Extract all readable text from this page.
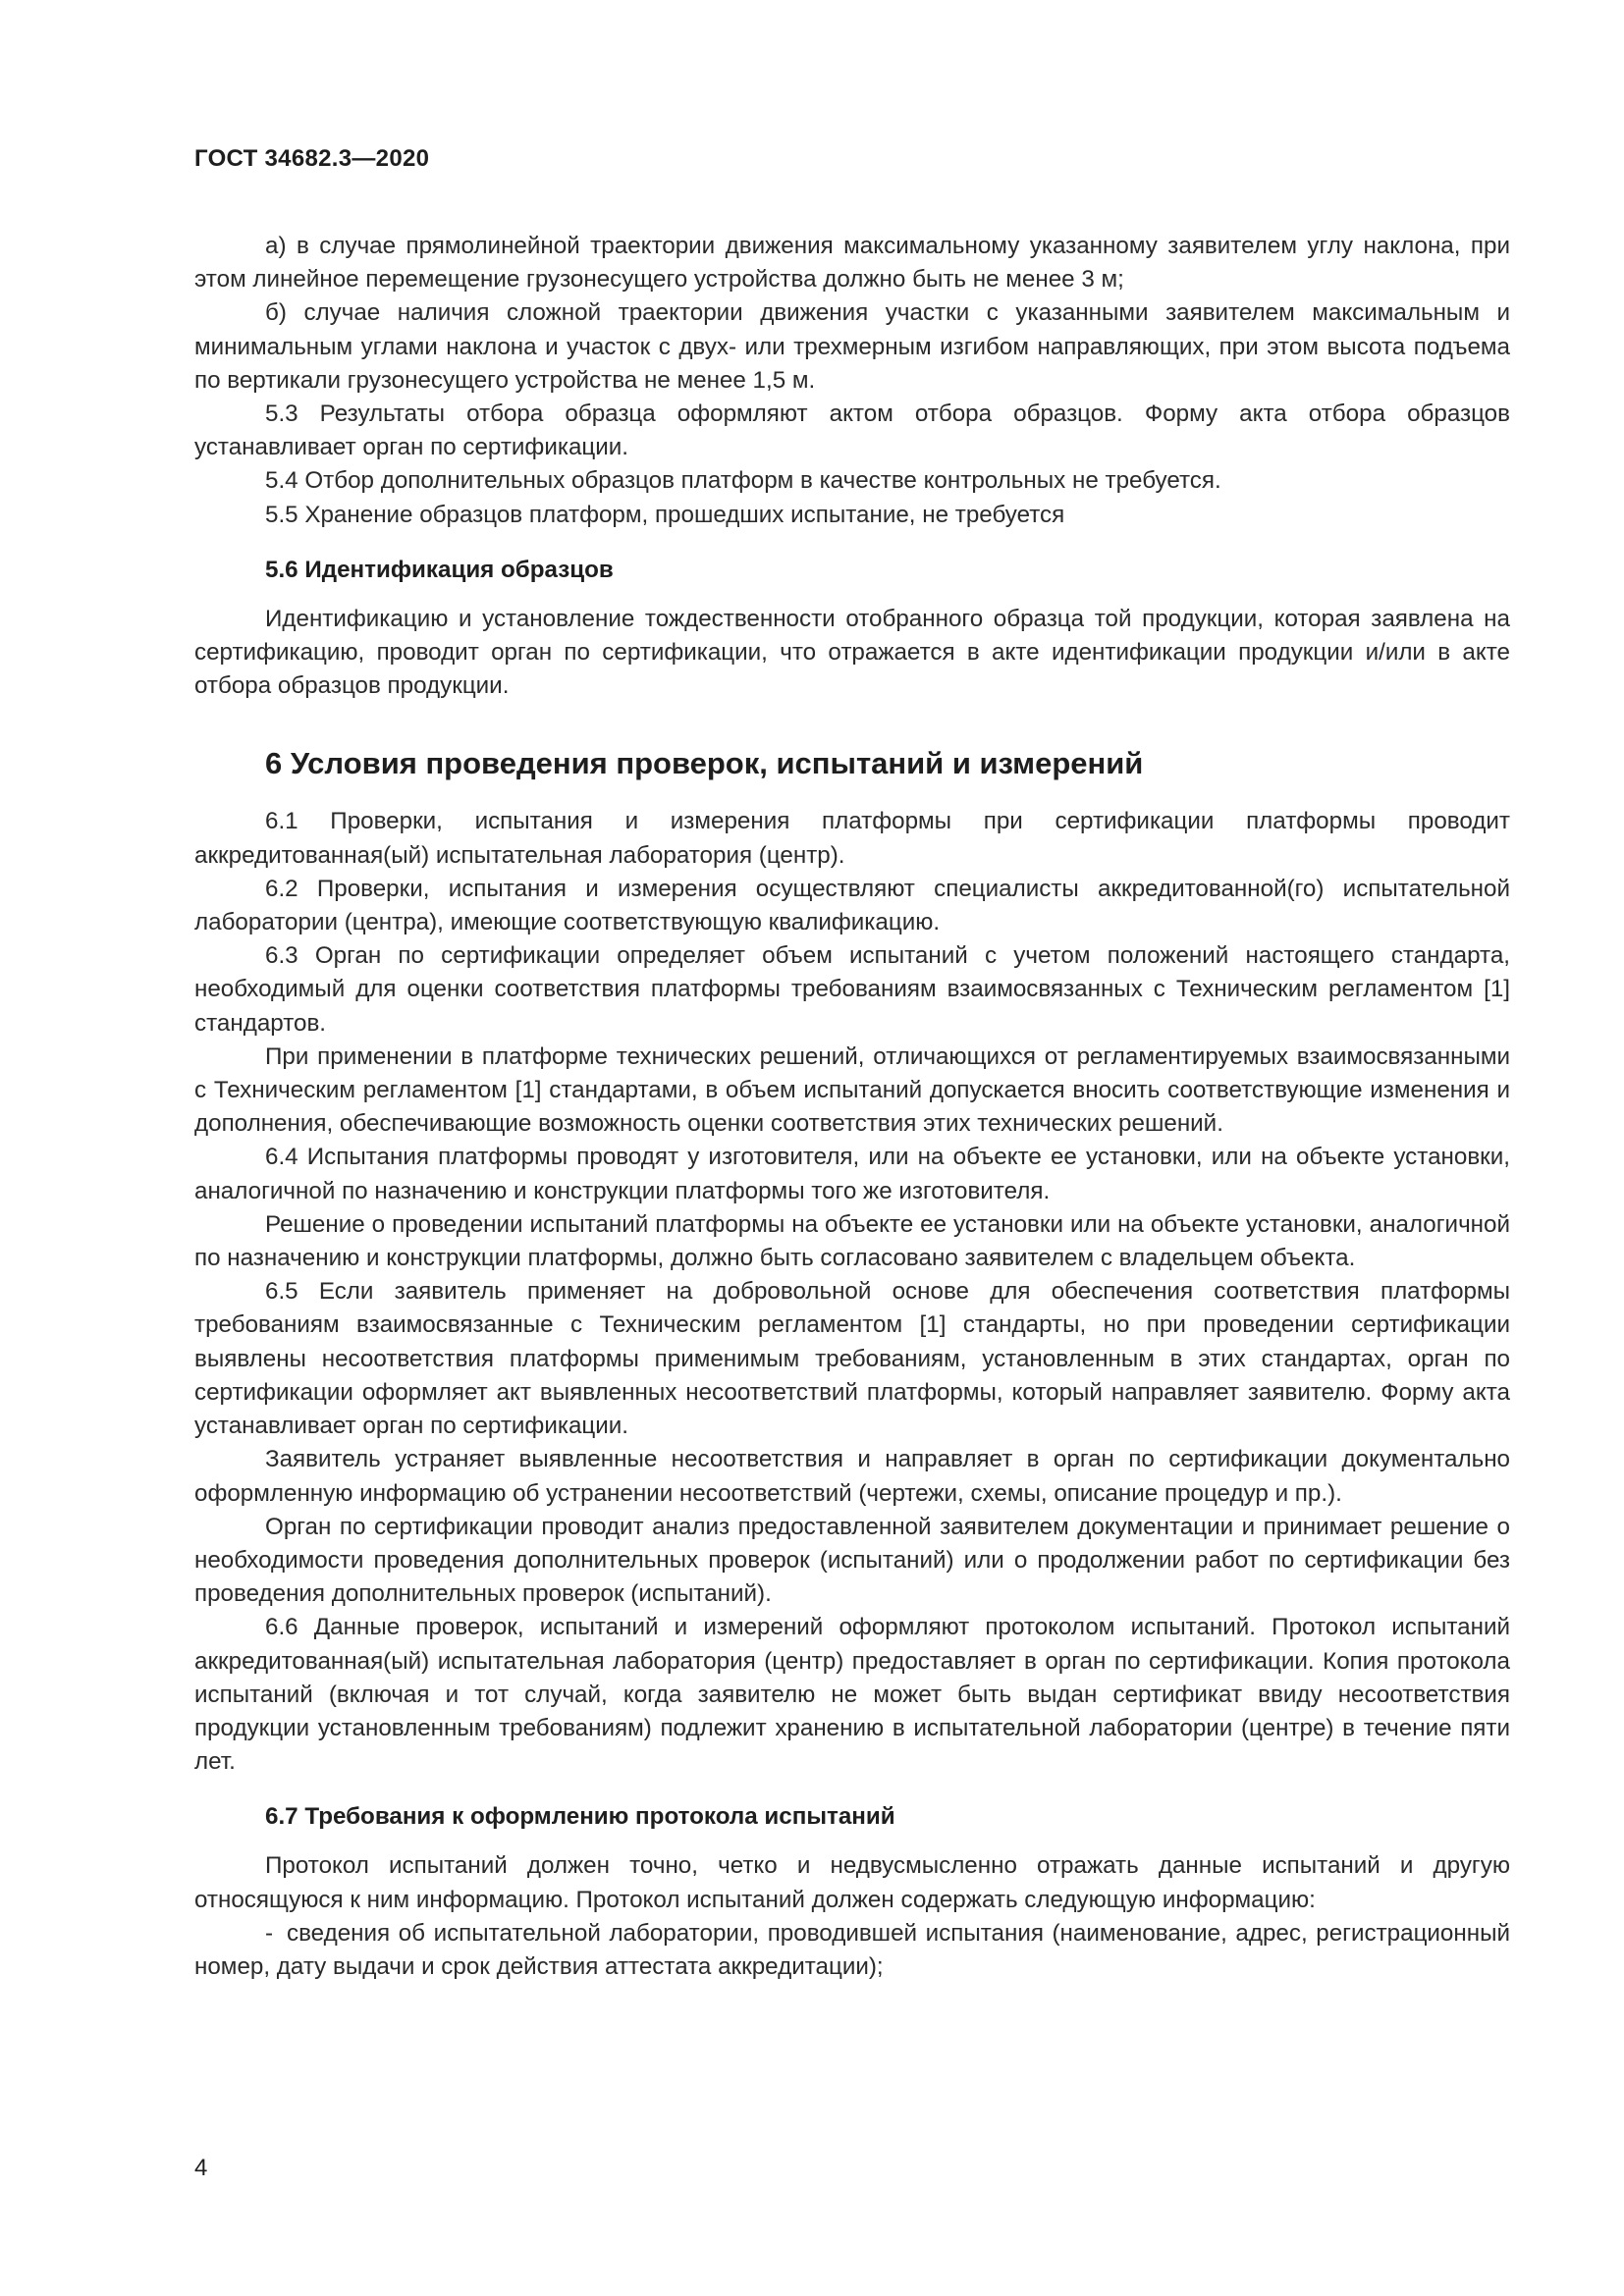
ГОСТ 34682.3—2020

а) в случае прямолинейной траектории движения максимальному указанному заявителем углу наклона, при этом линейное перемещение грузонесущего устройства должно быть не менее 3 м;

б) случае наличия сложной траектории движения участки с указанными заявителем максимальным и минимальным углами наклона и участок с двух- или трехмерным изгибом направляющих, при этом высота подъема по вертикали грузонесущего устройства не менее 1,5 м.

5.3 Результаты отбора образца оформляют актом отбора образцов. Форму акта отбора образцов устанавливает орган по сертификации.

5.4 Отбор дополнительных образцов платформ в качестве контрольных не требуется.

5.5 Хранение образцов платформ, прошедших испытание, не требуется

5.6 Идентификация образцов

Идентификацию и установление тождественности отобранного образца той продукции, которая заявлена на сертификацию, проводит орган по сертификации, что отражается в акте идентификации продукции и/или в акте отбора образцов продукции.

6 Условия проведения проверок, испытаний и измерений

6.1 Проверки, испытания и измерения платформы при сертификации платформы проводит аккредитованная(ый) испытательная лаборатория (центр).

6.2 Проверки, испытания и измерения осуществляют специалисты аккредитованной(го) испытательной лаборатории (центра), имеющие соответствующую квалификацию.

6.3 Орган по сертификации определяет объем испытаний с учетом положений настоящего стандарта, необходимый для оценки соответствия платформы требованиям взаимосвязанных с Техническим регламентом [1] стандартов.

При применении в платформе технических решений, отличающихся от регламентируемых взаимосвязанными с Техническим регламентом [1] стандартами, в объем испытаний допускается вносить соответствующие изменения и дополнения, обеспечивающие возможность оценки соответствия этих технических решений.

6.4 Испытания платформы проводят у изготовителя, или на объекте ее установки, или на объекте установки, аналогичной по назначению и конструкции платформы того же изготовителя.

Решение о проведении испытаний платформы на объекте ее установки или на объекте установки, аналогичной по назначению и конструкции платформы, должно быть согласовано заявителем с владельцем объекта.

6.5 Если заявитель применяет на добровольной основе для обеспечения соответствия платформы требованиям взаимосвязанные с Техническим регламентом [1] стандарты, но при проведении сертификации выявлены несоответствия платформы применимым требованиям, установленным в этих стандартах, орган по сертификации оформляет акт выявленных несоответствий платформы, который направляет заявителю. Форму акта устанавливает орган по сертификации.

Заявитель устраняет выявленные несоответствия и направляет в орган по сертификации документально оформленную информацию об устранении несоответствий (чертежи, схемы, описание процедур и пр.).

Орган по сертификации проводит анализ предоставленной заявителем документации и принимает решение о необходимости проведения дополнительных проверок (испытаний) или о продолжении работ по сертификации без проведения дополнительных проверок (испытаний).

6.6 Данные проверок, испытаний и измерений оформляют протоколом испытаний. Протокол испытаний аккредитованная(ый) испытательная лаборатория (центр) предоставляет в орган по сертификации. Копия протокола испытаний (включая и тот случай, когда заявителю не может быть выдан сертификат ввиду несоответствия продукции установленным требованиям) подлежит хранению в испытательной лаборатории (центре) в течение пяти лет.

6.7 Требования к оформлению протокола испытаний

Протокол испытаний должен точно, четко и недвусмысленно отражать данные испытаний и другую относящуюся к ним информацию. Протокол испытаний должен содержать следующую информацию:

- сведения об испытательной лаборатории, проводившей испытания (наименование, адрес, регистрационный номер, дату выдачи и срок действия аттестата аккредитации);

4
